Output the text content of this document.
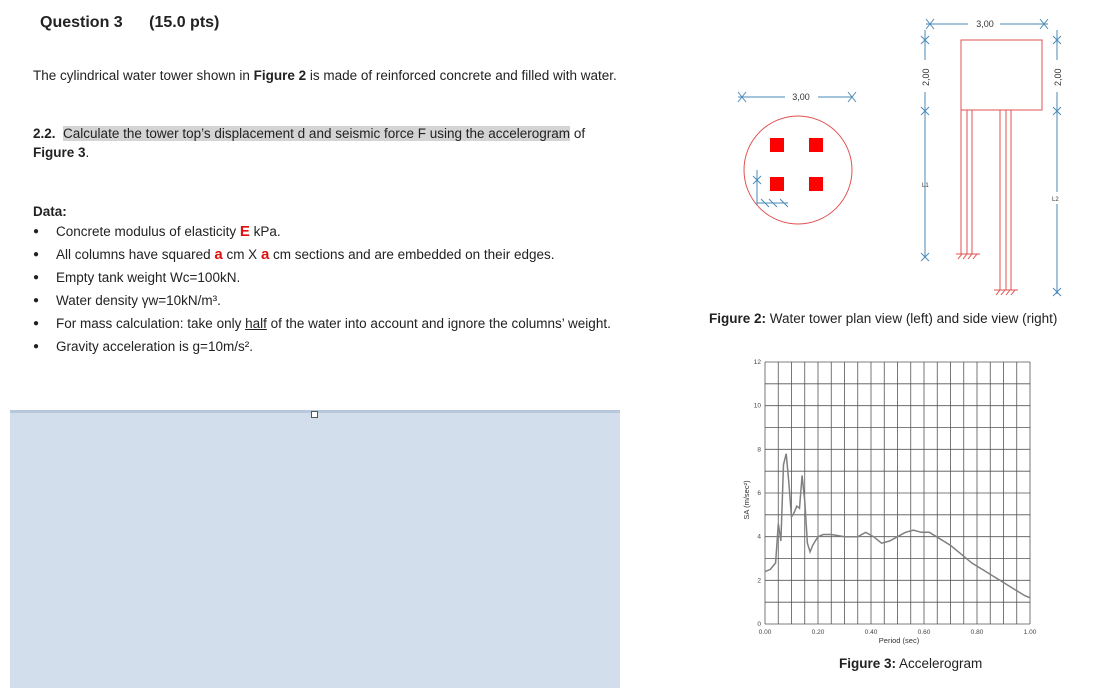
Question 3 (15.0 pts)
The cylindrical water tower shown in Figure 2 is made of reinforced concrete and filled with water.
2.2. Calculate the tower top’s displacement d and seismic force F using the accelerogram of Figure 3.
Data:
● Concrete modulus of elasticity E kPa.
● All columns have squared a cm X a cm sections and are embedded on their edges.
● Empty tank weight Wᴄ=100kN.
● Water density γw=10kN/m³.
● For mass calculation: take only half of the water into account and ignore the columns’ weight.
● Gravity acceleration is g=10m/s².
3,00
3,00
2,00
L1
2,00
L2
Figure 2: Water tower plan view (left) and side view (right)
0.00	0.20	0.40	0.60	0.80	1.00
0
2
4
6
8
10
12
Period (sec)
SA (m/sec²)
Figure 3: Accelerogram
